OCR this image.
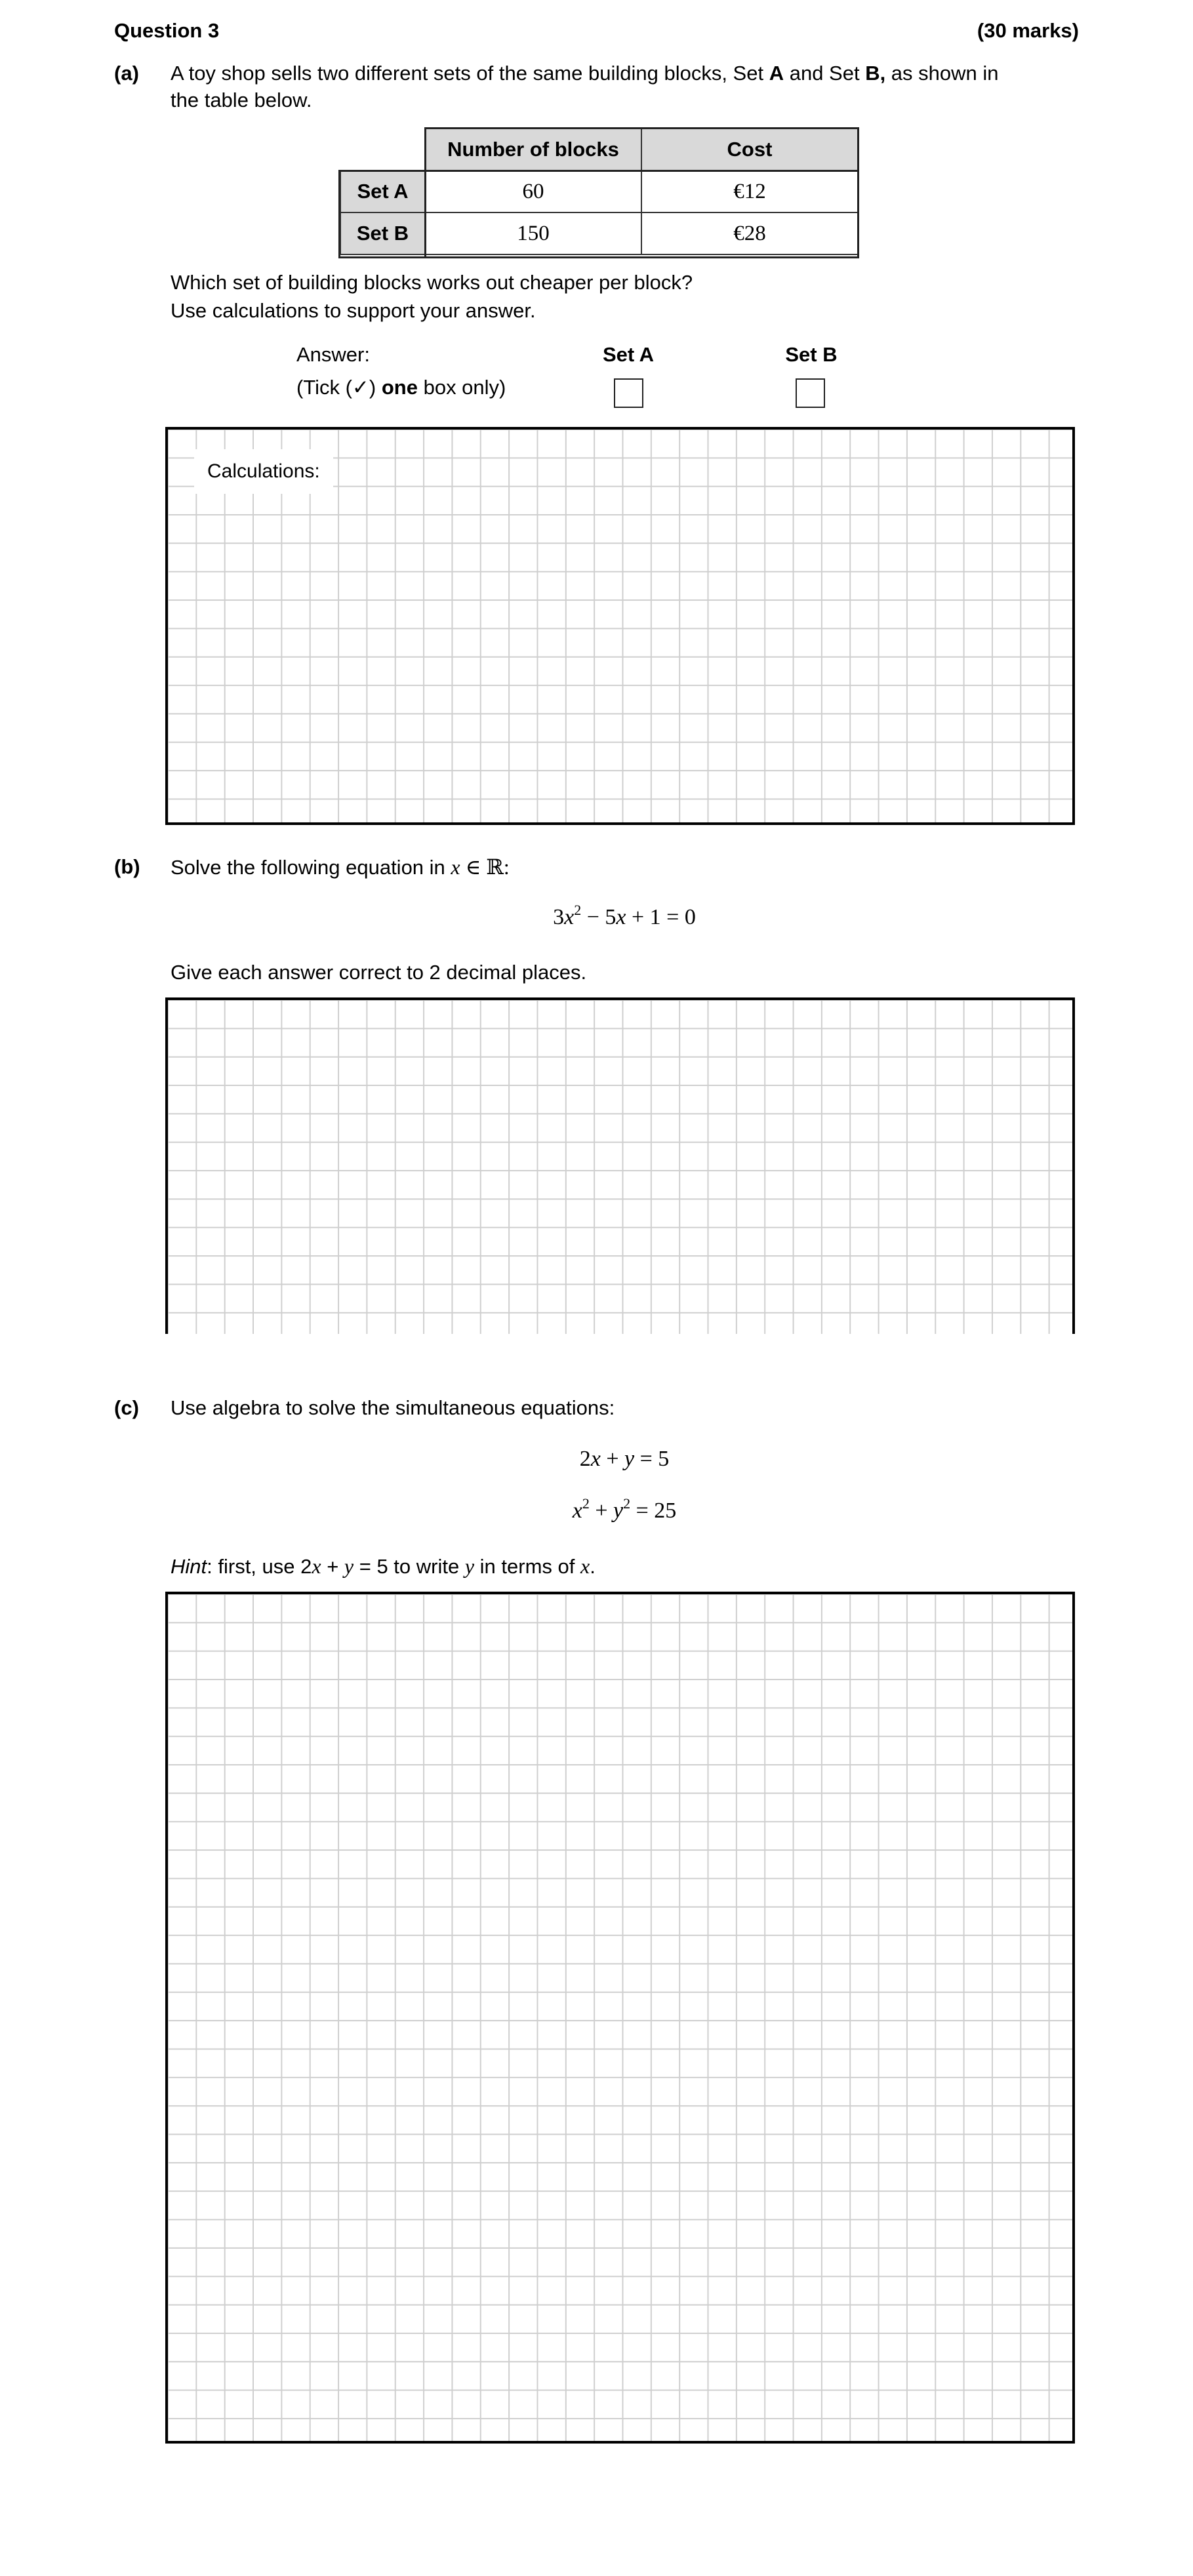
Question 3	(30 marks)
(a) A toy shop sells two different sets of the same building blocks, Set A and Set B, as shown in
the table below.
	Number of blocks	Cost
Set A	60	€12
Set B	150	€28
Which set of building blocks works out cheaper per block?
Use calculations to support your answer.
Answer:
(Tick (✓) one box only)
Set A	Set B
Calculations:
(b) Solve the following equation in x ∈ ℝ:
$3x^2 - 5x + 1 = 0$
Give each answer correct to 2 decimal places.
(c) Use algebra to solve the simultaneous equations:
2x + y = 5
$x^2 + y^2 = 25$
Hint: first, use 2x + y = 5 to write y in terms of x.
